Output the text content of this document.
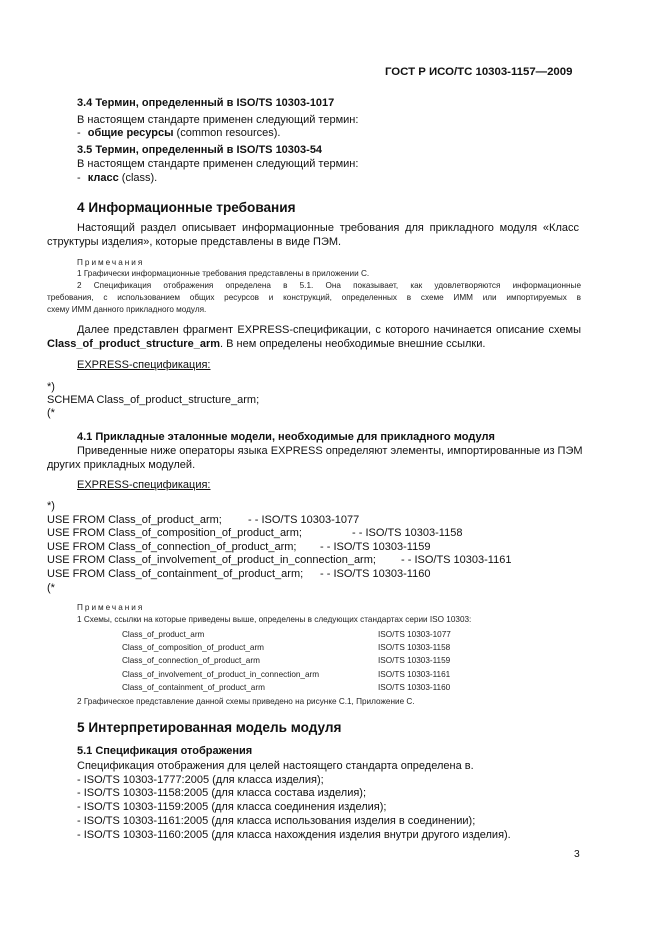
ГОСТ Р ИСО/ТС 10303-1157—2009
3.4 Термин, определенный в ISO/TS 10303-1017
В настоящем стандарте применен следующий термин:
- общие ресурсы (common resources).
3.5 Термин, определенный в ISO/TS 10303-54
В настоящем стандарте применен следующий термин:
- класс (class).
4 Информационные требования
Настоящий раздел описывает информационные требования для прикладного модуля «Класс
структуры изделия», которые представлены в виде ПЭМ.
Примечания
1 Графически информационные требования представлены в приложении С.
2 Спецификация отображения определена в 5.1. Она показывает, как удовлетворяются информационные
требования, с использованием общих ресурсов и конструкций, определенных в схеме ИММ или импортируемых в
схему ИММ данного прикладного модуля.
Далее представлен фрагмент EXPRESS-спецификации, с которого начинается описание схемы
Class_of_product_structure_arm. В нем определены необходимые внешние ссылки.
EXPRESS-спецификация:
*)
SCHEMA Class_of_product_structure_arm;
(*
4.1 Прикладные эталонные модели, необходимые для прикладного модуля
Приведенные ниже операторы языка EXPRESS определяют элементы, импортированные из ПЭМ
других прикладных модулей.
EXPRESS-спецификация:
*)
USE FROM Class_of_product_arm; - - ISO/TS 10303-1077
USE FROM Class_of_composition_of_product_arm;	- - ISO/TS 10303-1158
USE FROM Class_of_connection_of_product_arm; - - ISO/TS 10303-1159
USE FROM Class_of_involvement_of_product_in_connection_arm; - - ISO/TS 10303-1161
USE FROM Class_of_containment_of_product_arm; - - ISO/TS 10303-1160
(*
Примечания
1 Схемы, ссылки на которые приведены выше, определены в следующих стандартах серии ISO 10303:
Class_of_product_arm	ISO/TS 10303-1077
Class_of_composition_of_product_arm	ISO/TS 10303-1158
Class_of_connection_of_product_arm	ISO/TS 10303-1159
Class_of_involvement_of_product_in_connection_arm	ISO/TS 10303-1161
Class_of_containment_of_product_arm	ISO/TS 10303-1160
2 Графическое представление данной схемы приведено на рисунке С.1, Приложение С.
5 Интерпретированная модель модуля
5.1 Спецификация отображения
Спецификация отображения для целей настоящего стандарта определена в.
- ISO/TS 10303-1777:2005 (для класса изделия);
- ISO/TS 10303-1158:2005 (для класса состава изделия);
- ISO/TS 10303-1159:2005 (для класса соединения изделия);
- ISO/TS 10303-1161:2005 (для класса использования изделия в соединении);
- ISO/TS 10303-1160:2005 (для класса нахождения изделия внутри другого изделия).
3
